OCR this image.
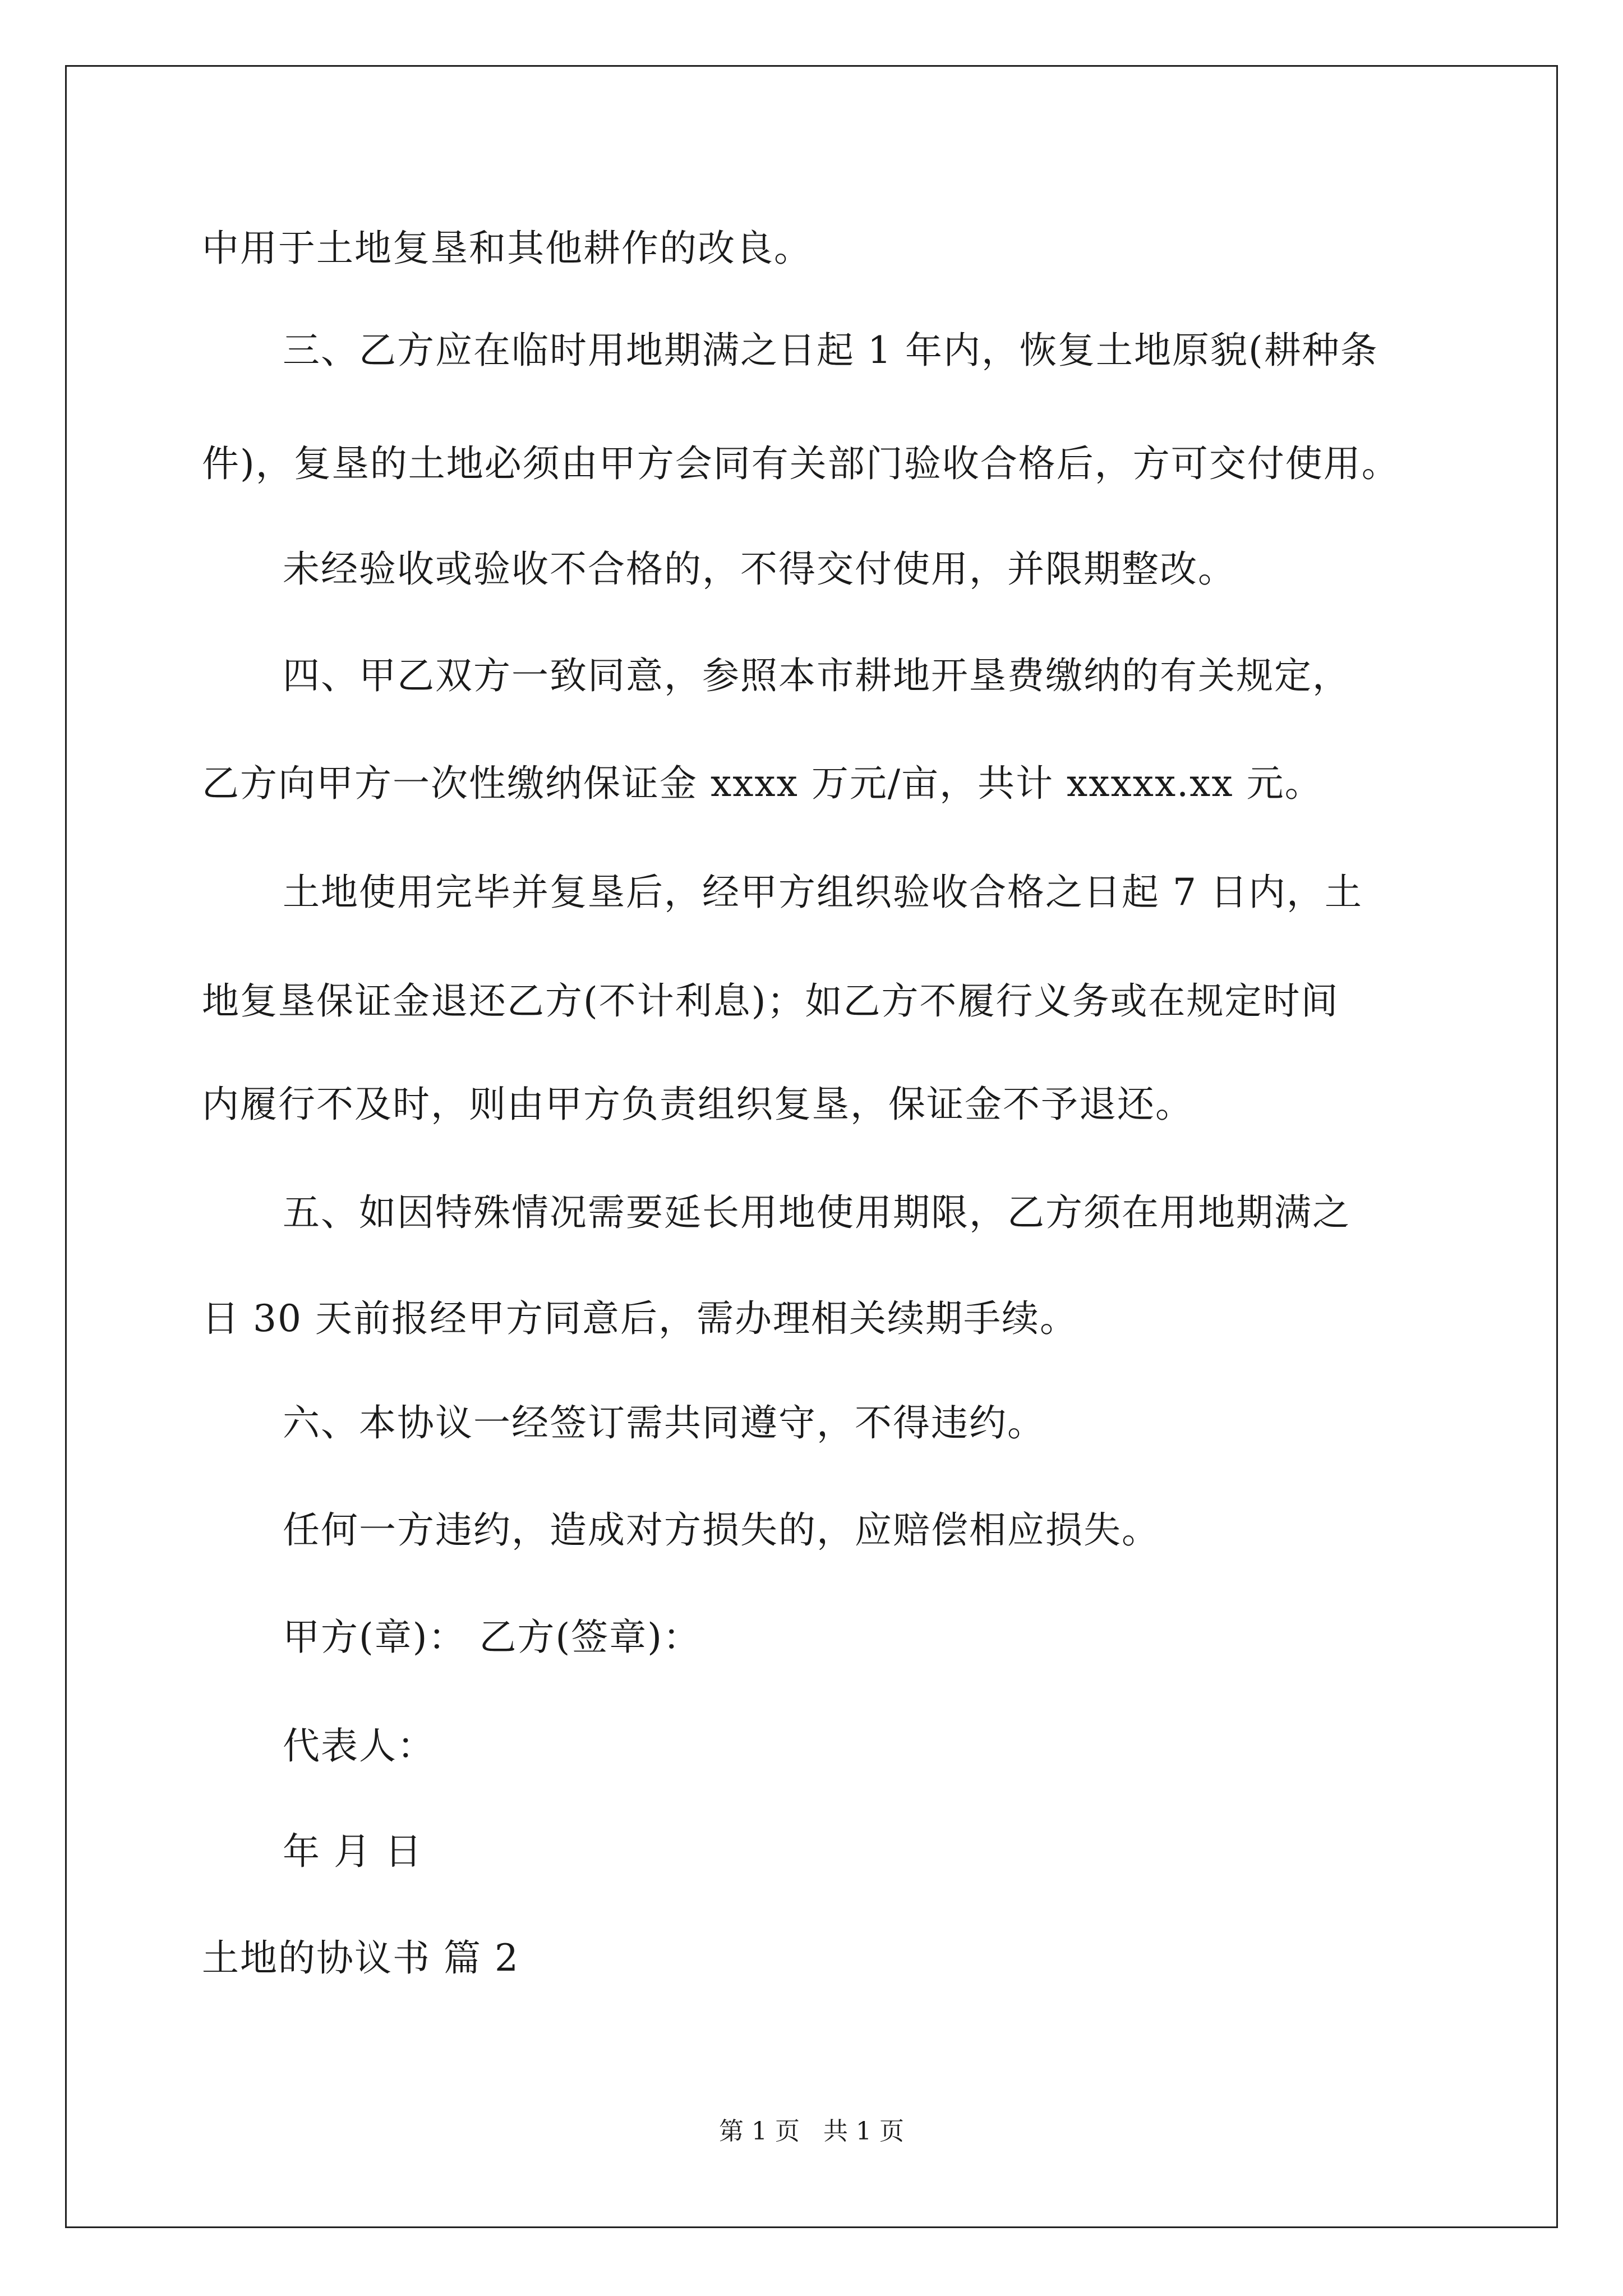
中用于土地复垦和其他耕作的改良。
三、乙方应在临时用地期满之日起 1 年内，恢复土地原貌(耕种条
件)，复垦的土地必须由甲方会同有关部门验收合格后，方可交付使用。
未经验收或验收不合格的，不得交付使用，并限期整改。
四、甲乙双方一致同意，参照本市耕地开垦费缴纳的有关规定，
乙方向甲方一次性缴纳保证金 xxxx 万元/亩，共计 xxxxx.xx 元。
土地使用完毕并复垦后，经甲方组织验收合格之日起 7 日内，土
地复垦保证金退还乙方(不计利息)；如乙方不履行义务或在规定时间
内履行不及时，则由甲方负责组织复垦，保证金不予退还。
五、如因特殊情况需要延长用地使用期限，乙方须在用地期满之
日 30 天前报经甲方同意后，需办理相关续期手续。
六、本协议一经签订需共同遵守，不得违约。
任何一方违约，造成对方损失的，应赔偿相应损失。
甲方(章)： 乙方(签章)：
代表人：
年 月 日
土地的协议书 篇 2
第 1 页   共 1 页
